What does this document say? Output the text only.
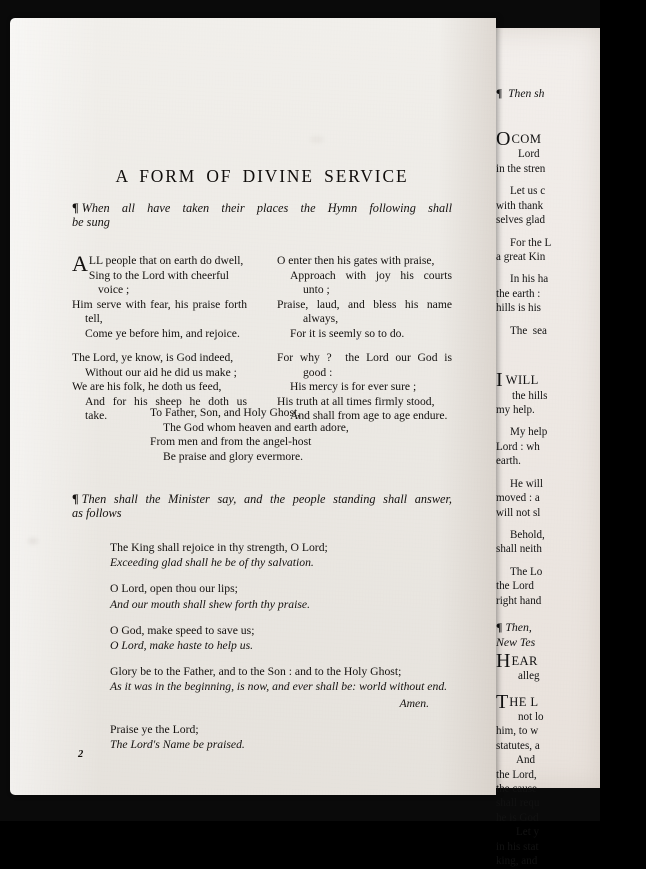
¶  Then sh
O COM
Lord
in the stren
Let us c
with thank
selves glad
For the L
a great Kin
In his ha
the earth :
hills is his
The  sea
I WILL
the hills
my help.
My help
Lord : wh
earth.
He will
moved : a
will not sl
Behold,
shall neith
The Lo
the Lord
right hand
¶ Then,
New Tes
H EAR
alleg
T HE L
not lo
him, to w
statutes, a
And
the Lord,
the cause
shall requ
he is God
Let y
in his stat
king, and
A FORM OF DIVINE SERVICE
¶ When all have taken their places the Hymn following shall
be sung
A LL people that on earth do dwell,
Sing to the Lord with cheerful
voice ;
Him serve with fear, his praise forth
tell,
Come ye before him, and rejoice.
The Lord, ye know, is God indeed,
Without our aid he did us make ;
We are his folk, he doth us feed,
And for his sheep he doth us
take.
O enter then his gates with praise,
Approach with joy his courts
unto ;
Praise, laud, and bless his name
always,
For it is seemly so to do.
For why ?  the Lord our God is
good :
His mercy is for ever sure ;
His truth at all times firmly stood,
And shall from age to age endure.
To Father, Son, and Holy Ghost,
The God whom heaven and earth adore,
From men and from the angel-host
Be praise and glory evermore.
¶ Then shall the Minister say, and the people standing shall answer,
as follows
The King shall rejoice in thy strength, O Lord;
Exceeding glad shall he be of thy salvation.
O Lord, open thou our lips;
And our mouth shall shew forth thy praise.
O God, make speed to save us;
O Lord, make haste to help us.
Glory be to the Father, and to the Son : and to the Holy Ghost;
As it was in the beginning, is now, and ever shall be: world without end.
Amen.
Praise ye the Lord;
The Lord's Name be praised.
2
